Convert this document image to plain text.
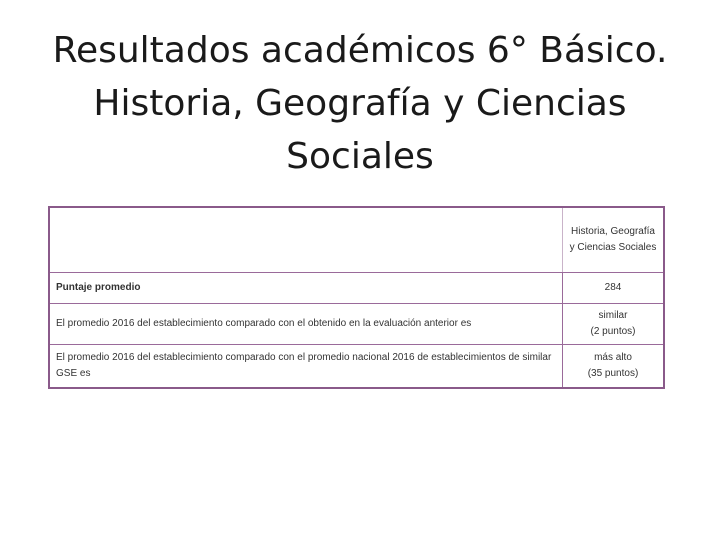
Resultados académicos 6° Básico. Historia, Geografía y Ciencias Sociales
	Historia, Geografía y Ciencias Sociales
Puntaje promedio	284

El promedio 2016 del establecimiento comparado con el obtenido en la evaluación anterior es	similar
(2 puntos)

El promedio 2016 del establecimiento comparado con el promedio nacional 2016 de establecimientos de similar GSE es	más alto
(35 puntos)
